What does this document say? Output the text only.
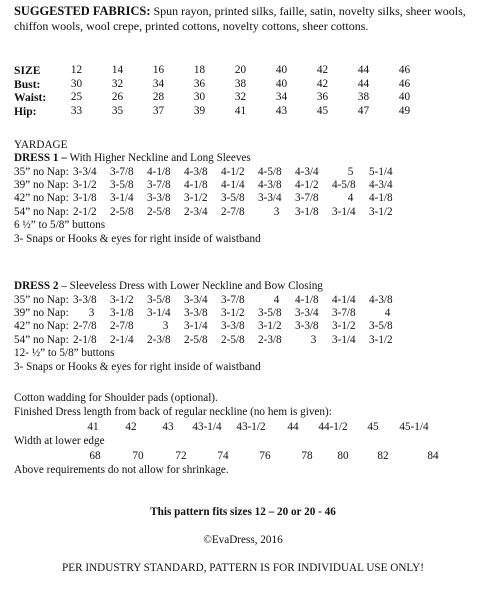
SUGGESTED FABRICS: Spun rayon, printed silks, faille, satin, novelty silks, sheer wools, chiffon wools, wool crepe, printed cottons, novelty cottons, sheer cottons.
SIZE	12	14	16	18	20	40	42	44	46
Bust:	30	32	34	36	38	40	42	44	46
Waist:	25	26	28	30	32	34	36	38	40
Hip:	33	35	37	39	41	43	45	47	49
YARDAGE
DRESS 1 – With Higher Neckline and Long Sleeves
35” no Nap: 3-3/4	3-7/8	4-1/8	4-3/8	4-1/2	4-5/8	4-3/4	5	5-1/4
39” no Nap: 3-1/2	3-5/8	3-7/8	4-1/8	4-1/4	4-3/8	4-1/2	4-5/8	4-3/4
42” no Nap: 3-1/8	3-1/4	3-3/8	3-1/2	3-5/8	3-3/4	3-7/8	4	4-1/8
54” no Nap: 2-1/2	2-5/8	2-5/8	2-3/4	2-7/8	3	3-1/8	3-1/4	3-1/2
6 ½” to 5/8” buttons
3- Snaps or Hooks & eyes for right inside of waistband
DRESS 2 – Sleeveless Dress with Lower Neckline and Bow Closing
35” no Nap: 3-3/8	3-1/2	3-5/8	3-3/4	3-7/8	4	4-1/8	4-1/4	4-3/8
39” no Nap:	3	3-1/8	3-1/4	3-3/8	3-1/2	3-5/8	3-3/4	3-7/8	4
42” no Nap: 2-7/8	2-7/8	3	3-1/4	3-3/8	3-1/2	3-3/8	3-1/2	3-5/8
54” no Nap: 2-1/8	2-1/4	2-3/8	2-5/8	2-5/8	2-3/8	3	3-1/4	3-1/2
12- ½” to 5/8” buttons
3- Snaps or Hooks & eyes for right inside of waistband
Cotton wadding for Shoulder pads (optional).
Finished Dress length from back of regular neckline (no hem is given):
41	42	43	43-1/4	43-1/2	44	44-1/2	45	45-1/4
Width at lower edge
68	70	72	74	76	78	80	82	84
Above requirements do not allow for shrinkage.
This pattern fits sizes 12 – 20 or 20 - 46
©EvaDress, 2016
PER INDUSTRY STANDARD, PATTERN IS FOR INDIVIDUAL USE ONLY!
